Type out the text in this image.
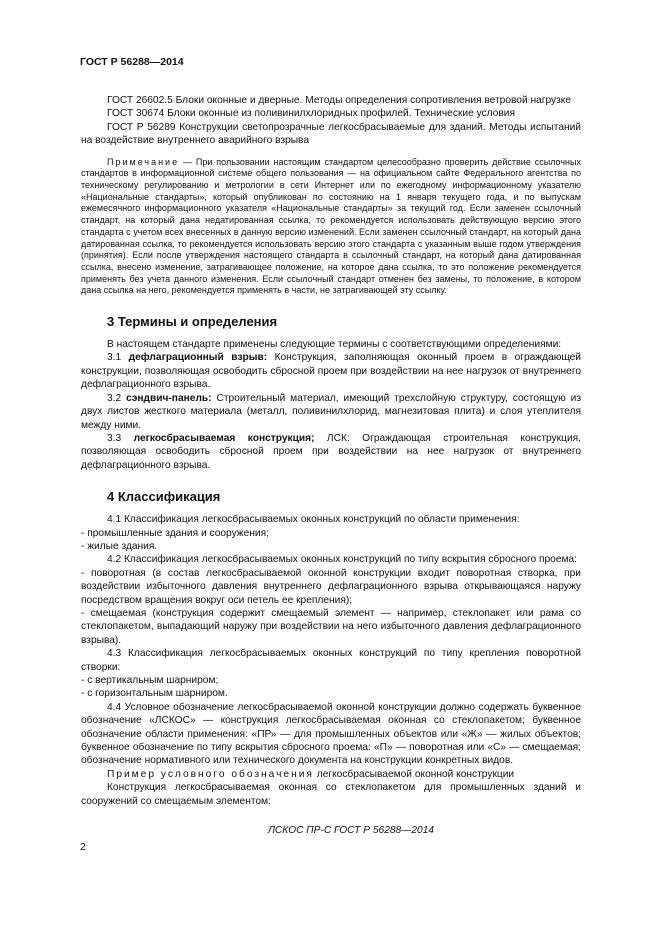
ГОСТ Р 56288—2014

ГОСТ 26602.5 Блоки оконные и дверные. Методы определения сопротивления ветровой нагрузке

ГОСТ 30674 Блоки оконные из поливинилхлоридных профилей. Технические условия

ГОСТ Р 56289 Конструкции светопрозрачные легкосбрасываемые для зданий. Методы испытаний на воздействие внутреннего аварийного взрыва

Примечание — При пользовании настоящим стандартом целесообразно проверить действие ссылочных стандартов в информационной системе общего пользования — на официальном сайте Федерального агентства по техническому регулированию и метрологии в сети Интернет или по ежегодному информационному указателю «Национальные стандарты», который опубликован по состоянию на 1 января текущего года, и по выпускам ежемесячного информационного указателя «Национальные стандарты» за текущий год. Если заменен ссылочный стандарт, на который дана недатированная ссылка, то рекомендуется использовать действующую версию этого стандарта с учетом всех внесенных в данную версию изменений. Если заменен ссылочный стандарт, на который дана датированная ссылка, то рекомендуется использовать версию этого стандарта с указанным выше годом утверждения (принятия). Если после утверждения настоящего стандарта в ссылочный стандарт, на который дана датированная ссылка, внесено изменение, затрагивающее положение, на которое дана ссылка, то это положение рекомендуется применять без учета данного изменения. Если ссылочный стандарт отменен без замены, то положение, в котором дана ссылка на него, рекомендуется применять в части, не затрагивающей эту ссылку.

3 Термины и определения

В настоящем стандарте применены следующие термины с соответствующими определениями:

3.1 дефлаграционный взрыв: Конструкция, заполняющая оконный проем в ограждающей конструкции, позволяющая освободить сбросной проем при воздействии на нее нагрузок от внутреннего дефлаграционного взрыва.

3.2 сэндвич-панель: Строительный материал, имеющий трехслойную структуру, состоящую из двух листов жесткого материала (металл, поливинилхлорид, магнезитовая плита) и слоя утеплителя между ними.

3.3 легкосбрасываемая конструкция; ЛСК: Ограждающая строительная конструкция, позволяющая освободить сбросной проем при воздействии на нее нагрузок от внутреннего дефлаграционного взрыва.

4 Классификация

4.1 Классификация легкосбрасываемых оконных конструкций по области применения:

- промышленные здания и сооружения;

- жилые здания.

4.2 Классификация легкосбрасываемых оконных конструкций по типу вскрытия сбросного проема:

- поворотная (в состав легкосбрасываемой оконной конструкции входит поворотная створка, при воздействии избыточного давления внутреннего дефлаграционного взрыва открывающаяся наружу посредством вращения вокруг оси петель ее крепления);

- смещаемая (конструкция содержит смещаемый элемент — например, стеклопакет или рама со стеклопакетом, выпадающий наружу при воздействии на него избыточного давления дефлаграционного взрыва).

4.3 Классификация легкосбрасываемых оконных конструкций по типу крепления поворотной створки:

- с вертикальным шарниром;

- с горизонтальным шарниром.

4.4 Условное обозначение легкосбрасываемой оконной конструкции должно содержать буквенное обозначение «ЛСКОС» — конструкция легкосбрасываемая оконная со стеклопакетом; буквенное обозначение области применения: «ПР» — для промышленных объектов или «Ж» — жилых объектов; буквенное обозначение по типу вскрытия сбросного проема: «П» — поворотная или «С» — смещаемая; обозначение нормативного или технического документа на конструкции конкретных видов.

Пример условного обозначения легкосбрасываемой оконной конструкции

Конструкция легкосбрасываемая оконная со стеклопакетом для промышленных зданий и сооружений со смещаемым элементом:

ЛСКОС ПР-С ГОСТ Р 56288—2014

2
